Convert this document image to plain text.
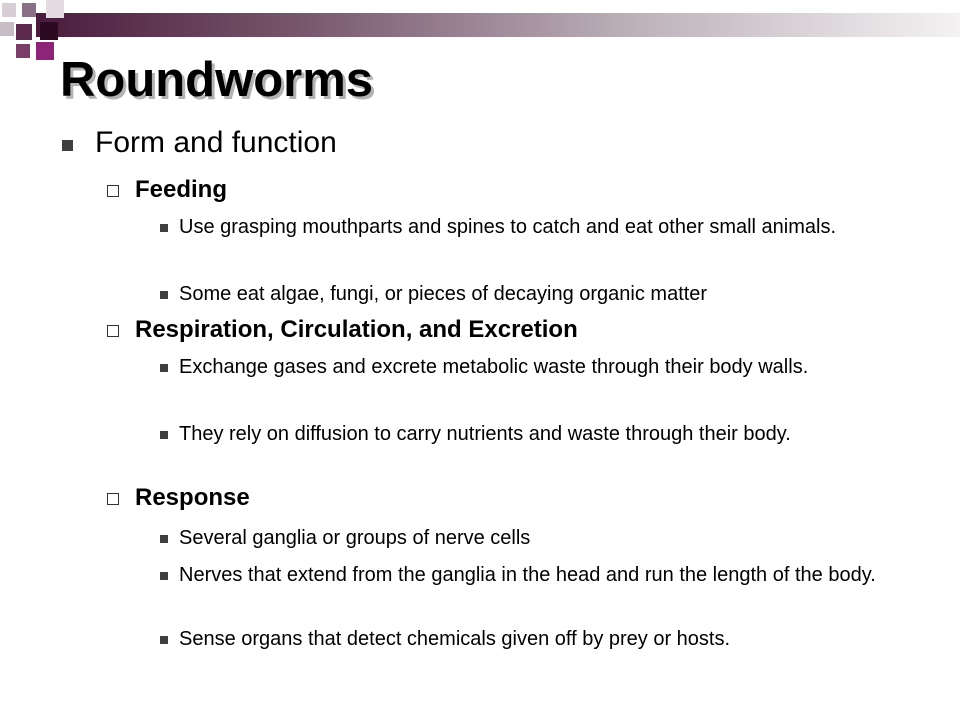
Roundworms
Form and function
Feeding
Use grasping mouthparts and spines to catch and eat other small animals.
Some eat algae, fungi, or pieces of decaying organic matter
Respiration, Circulation, and Excretion
Exchange gases and excrete metabolic waste through their body walls.
They rely on diffusion to carry nutrients and waste through their body.
Response
Several ganglia or groups of nerve cells
Nerves that extend from the ganglia in the head and run the length of the body.
Sense organs that detect chemicals given off by prey or hosts.
